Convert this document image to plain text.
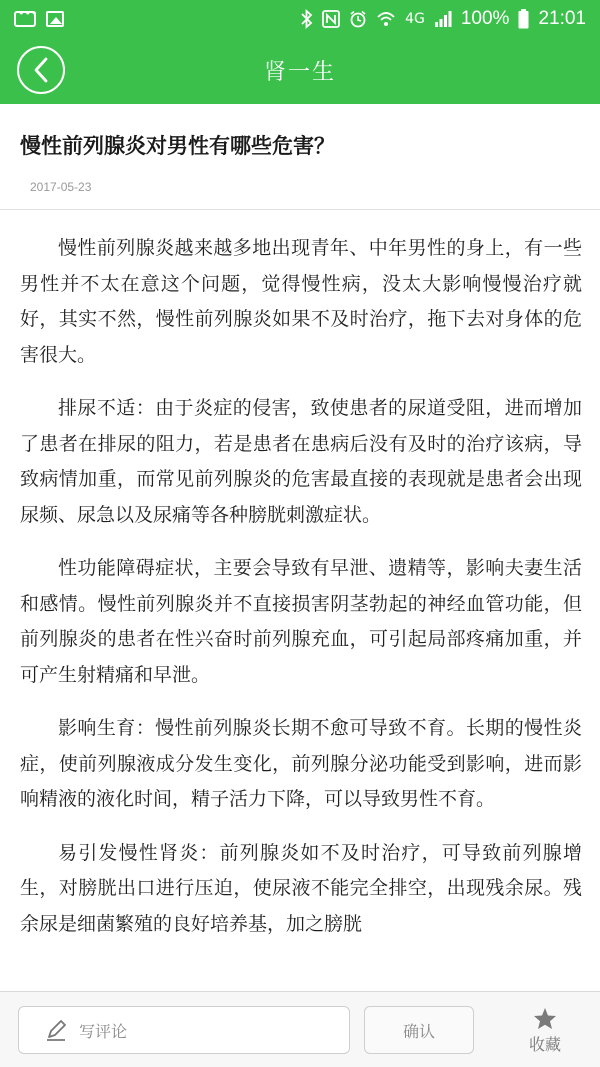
•••
4G 100% 21:01
肾一生
慢性前列腺炎对男性有哪些危害？
2017-05-23

慢性前列腺炎越来越多地出现青年、中年男性的身上，有一些男性并不太在意这个问题，觉得慢性病，没太大影响慢慢治疗就好，其实不然，慢性前列腺炎如果不及时治疗，拖下去对身体的危害很大。

排尿不适：由于炎症的侵害，致使患者的尿道受阻，进而增加了患者在排尿的阻力，若是患者在患病后没有及时的治疗该病，导致病情加重，而常见前列腺炎的危害最直接的表现就是患者会出现尿频、尿急以及尿痛等各种膀胱刺激症状。

性功能障碍症状，主要会导致有早泄、遗精等，影响夫妻生活和感情。慢性前列腺炎并不直接损害阴茎勃起的神经血管功能，但前列腺炎的患者在性兴奋时前列腺充血，可引起局部疼痛加重，并可产生射精痛和早泄。

影响生育：慢性前列腺炎长期不愈可导致不育。长期的慢性炎症，使前列腺液成分发生变化，前列腺分泌功能受到影响，进而影响精液的液化时间，精子活力下降，可以导致男性不育。

易引发慢性肾炎：前列腺炎如不及时治疗，可导致前列腺增生，对膀胱出口进行压迫，使尿液不能完全排空，出现残余尿。残余尿是细菌繁殖的良好培养基，加之膀胱

写评论	确认
收藏
